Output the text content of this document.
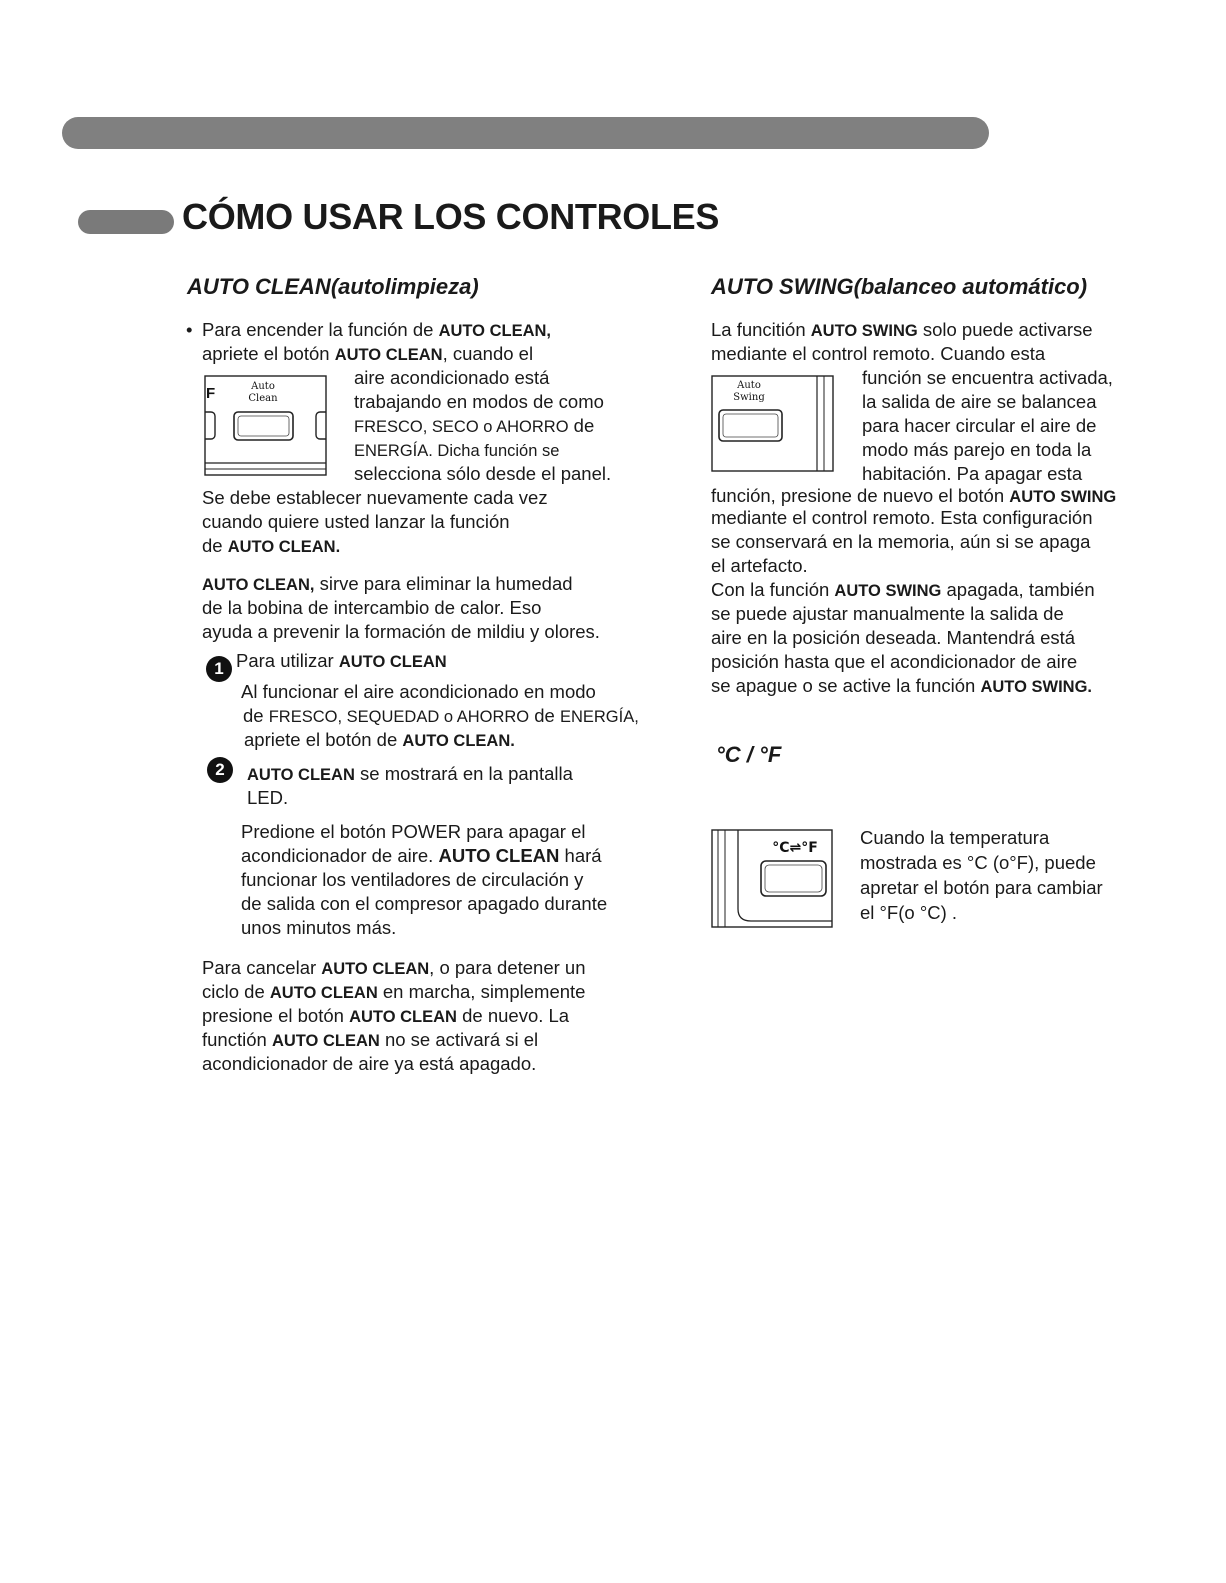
CÓMO USAR LOS CONTROLES
AUTO CLEAN(autolimpieza)
• Para encender la función de AUTO CLEAN,
apriete el botón AUTO CLEAN, cuando el
F	Auto
Clean
aire acondicionado está
trabajando en modos de como
FRESCO, SECO o AHORRO de
ENERGÍA. Dicha función se
selecciona sólo desde el panel.
Se debe establecer nuevamente cada vez
cuando quiere usted lanzar la función
de AUTO CLEAN.
AUTO CLEAN, sirve para eliminar la humedad
de la bobina de intercambio de calor. Eso
ayuda a prevenir la formación de mildiu y olores.
1 Para utilizar AUTO CLEAN
Al funcionar el aire acondicionado en modo
de FRESCO, SEQUEDAD o AHORRO de ENERGÍA,
apriete el botón de AUTO CLEAN.
2	AUTO CLEAN se mostrará en la pantalla
LED.
Predione el botón POWER para apagar el
acondicionador de aire. AUTO CLEAN hará
funcionar los ventiladores de circulación y
de salida con el compresor apagado durante
unos minutos más.
Para cancelar AUTO CLEAN, o para detener un
ciclo de AUTO CLEAN en marcha, simplemente
presione el botón AUTO CLEAN de nuevo. La
functión AUTO CLEAN no se activará si el
acondicionador de aire ya está apagado.
AUTO SWING(balanceo automático)
La funcitión AUTO SWING solo puede activarse
mediante el control remoto. Cuando esta
Auto
Swing
función se encuentra activada,
la salida de aire se balancea
para hacer circular el aire de
modo más parejo en toda la
habitación. Pa apagar esta
función, presione de nuevo el botón AUTO SWING
mediante el control remoto. Esta configuración
se conservará en la memoria, aún si se apaga
el artefacto.
Con la función AUTO SWING apagada, también
se puede ajustar manualmente la salida de
aire en la posición deseada. Mantendrá está
posición hasta que el acondicionador de aire
se apague o se active la función AUTO SWING.
°C / °F
°C⇌°F Cuando la temperatura
mostrada es °C (o°F), puede
apretar el botón para cambiar
el °F(o °C) .
